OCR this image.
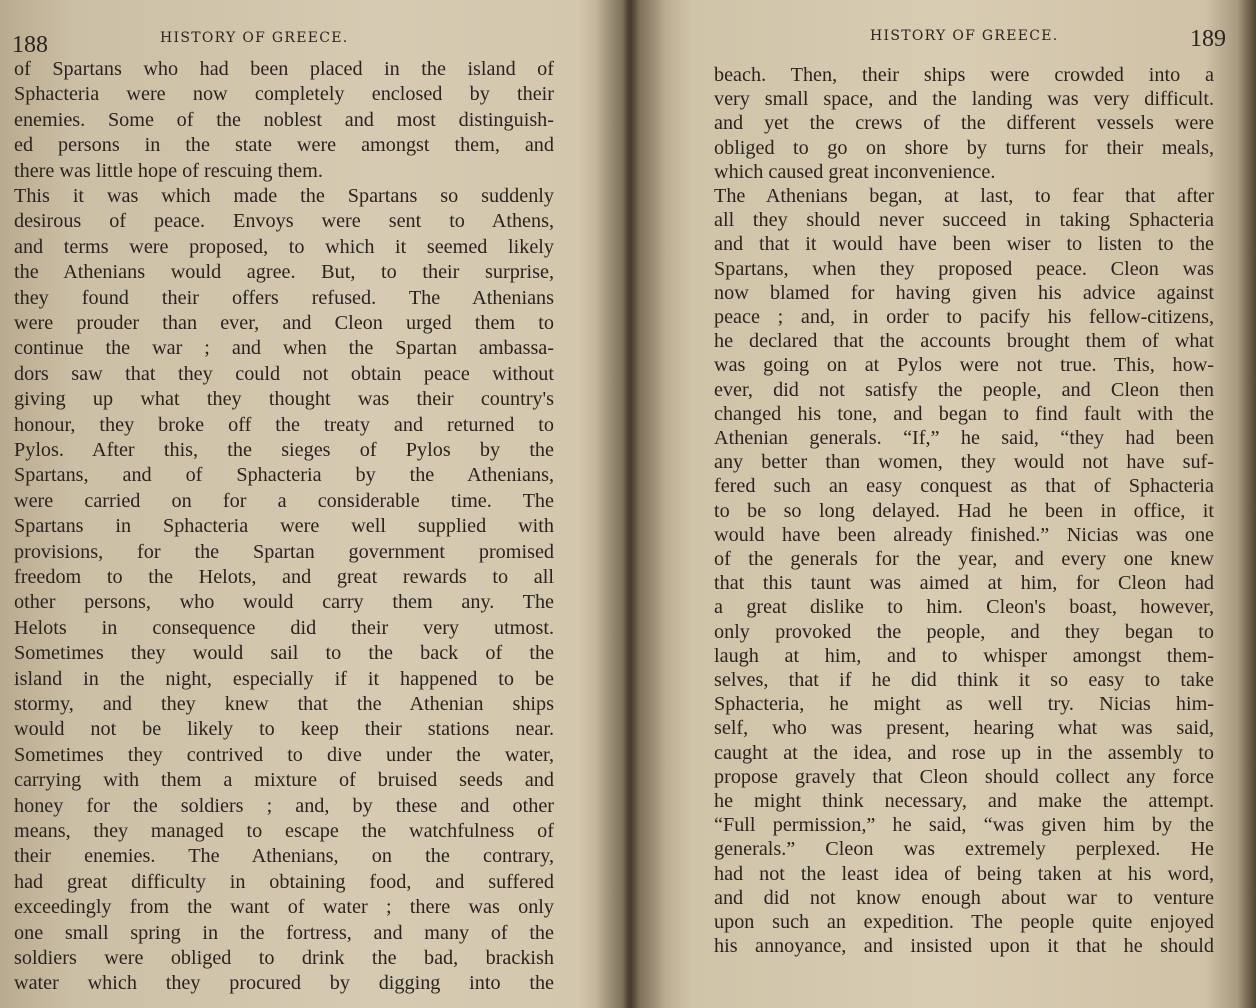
188	HISTORY OF GREECE.

of Spartans who had been placed in the island of

Sphacteria were now completely enclosed by their

enemies. Some of the noblest and most distinguish-

ed persons in the state were amongst them, and

there was little hope of rescuing them.

This it was which made the Spartans so suddenly

desirous of peace. Envoys were sent to Athens,

and terms were proposed, to which it seemed likely

the Athenians would agree. But, to their surprise,

they found their offers refused. The Athenians

were prouder than ever, and Cleon urged them to

continue the war ; and when the Spartan ambassa-

dors saw that they could not obtain peace without

giving up what they thought was their country's

honour, they broke off the treaty and returned to

Pylos. After this, the sieges of Pylos by the

Spartans, and of Sphacteria by the Athenians,

were carried on for a considerable time. The

Spartans in Sphacteria were well supplied with

provisions, for the Spartan government promised

freedom to the Helots, and great rewards to all

other persons, who would carry them any. The

Helots in consequence did their very utmost.

Sometimes they would sail to the back of the

island in the night, especially if it happened to be

stormy, and they knew that the Athenian ships

would not be likely to keep their stations near.

Sometimes they contrived to dive under the water,

carrying with them a mixture of bruised seeds and

honey for the soldiers ; and, by these and other

means, they managed to escape the watchfulness of

their enemies. The Athenians, on the contrary,

had great difficulty in obtaining food, and suffered

exceedingly from the want of water ; there was only

one small spring in the fortress, and many of the

soldiers were obliged to drink the bad, brackish

water which they procured by digging into the

HISTORY OF GREECE.	189

beach. Then, their ships were crowded into a

very small space, and the landing was very difficult.

and yet the crews of the different vessels were

obliged to go on shore by turns for their meals,

which caused great inconvenience.

The Athenians began, at last, to fear that after

all they should never succeed in taking Sphacteria

and that it would have been wiser to listen to the

Spartans, when they proposed peace. Cleon was

now blamed for having given his advice against

peace ; and, in order to pacify his fellow-citizens,

he declared that the accounts brought them of what

was going on at Pylos were not true. This, how-

ever, did not satisfy the people, and Cleon then

changed his tone, and began to find fault with the

Athenian generals. “If,” he said, “they had been

any better than women, they would not have suf-

fered such an easy conquest as that of Sphacteria

to be so long delayed. Had he been in office, it

would have been already finished.” Nicias was one

of the generals for the year, and every one knew

that this taunt was aimed at him, for Cleon had

a great dislike to him. Cleon's boast, however,

only provoked the people, and they began to

laugh at him, and to whisper amongst them-

selves, that if he did think it so easy to take

Sphacteria, he might as well try. Nicias him-

self, who was present, hearing what was said,

caught at the idea, and rose up in the assembly to

propose gravely that Cleon should collect any force

he might think necessary, and make the attempt.

“Full permission,” he said, “was given him by the

generals.” Cleon was extremely perplexed. He

had not the least idea of being taken at his word,

and did not know enough about war to venture

upon such an expedition. The people quite enjoyed

his annoyance, and insisted upon it that he should
